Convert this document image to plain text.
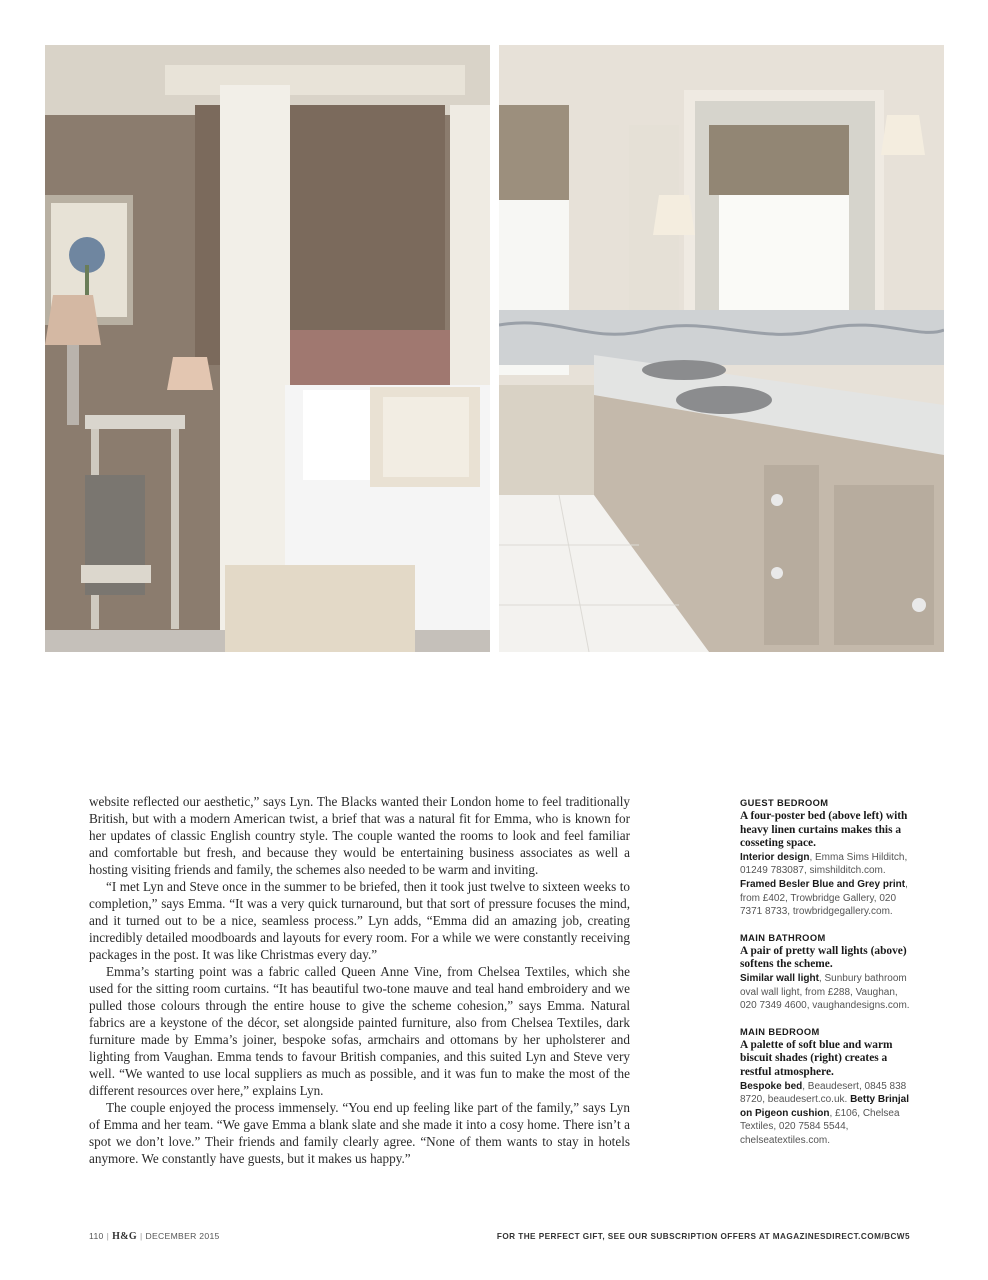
website reflected our aesthetic,” says Lyn. The Blacks wanted their London home to feel traditionally British, but with a modern American twist, a brief that was a natural fit for Emma, who is known for her updates of classic English country style. The couple wanted the rooms to look and feel familiar and comfortable but fresh, and because they would be entertaining business associates as well a hosting visiting friends and family, the schemes also needed to be warm and inviting.

“I met Lyn and Steve once in the summer to be briefed, then it took just twelve to sixteen weeks to completion,” says Emma. “It was a very quick turnaround, but that sort of pressure focuses the mind, and it turned out to be a nice, seamless process.” Lyn adds, “Emma did an amazing job, creating incredibly detailed moodboards and layouts for every room. For a while we were constantly receiving packages in the post. It was like Christmas every day.”

Emma’s starting point was a fabric called Queen Anne Vine, from Chelsea Textiles, which she used for the sitting room curtains. “It has beautiful two-tone mauve and teal hand embroidery and we pulled those colours through the entire house to give the scheme cohesion,” says Emma. Natural fabrics are a keystone of the décor, set alongside painted furniture, also from Chelsea Textiles, dark furniture made by Emma’s joiner, bespoke sofas, armchairs and ottomans by her upholsterer and lighting from Vaughan. Emma tends to favour British companies, and this suited Lyn and Steve very well. “We wanted to use local suppliers as much as possible, and it was fun to make the most of the different resources over here,” explains Lyn.

The couple enjoyed the process immensely. “You end up feeling like part of the family,” says Lyn of Emma and her team. “We gave Emma a blank slate and she made it into a cosy home. There isn’t a spot we don’t love.” Their friends and family clearly agree. “None of them wants to stay in hotels anymore. We constantly have guests, but it makes us happy.”

GUEST BEDROOM
A four-poster bed (above left) with heavy linen curtains makes this a cosseting space.
Interior design, Emma Sims Hilditch, 01249 783087, simshilditch.com. Framed Besler Blue and Grey print, from £402, Trowbridge Gallery, 020 7371 8733, trowbridgegallery.com.
MAIN BATHROOM
A pair of pretty wall lights (above) softens the scheme.
Similar wall light, Sunbury bathroom oval wall light, from £288, Vaughan, 020 7349 4600, vaughandesigns.com.
MAIN BEDROOM
A palette of soft blue and warm biscuit shades (right) creates a restful atmosphere.
Bespoke bed, Beaudesert, 0845 838 8720, beaudesert.co.uk. Betty Brinjal on Pigeon cushion, £106, Chelsea Textiles, 020 7584 5544, chelseatextiles.com.
110 | H&G | DECEMBER 2015	FOR THE PERFECT GIFT, SEE OUR SUBSCRIPTION OFFERS AT MAGAZINESDIRECT.COM/BCW5
